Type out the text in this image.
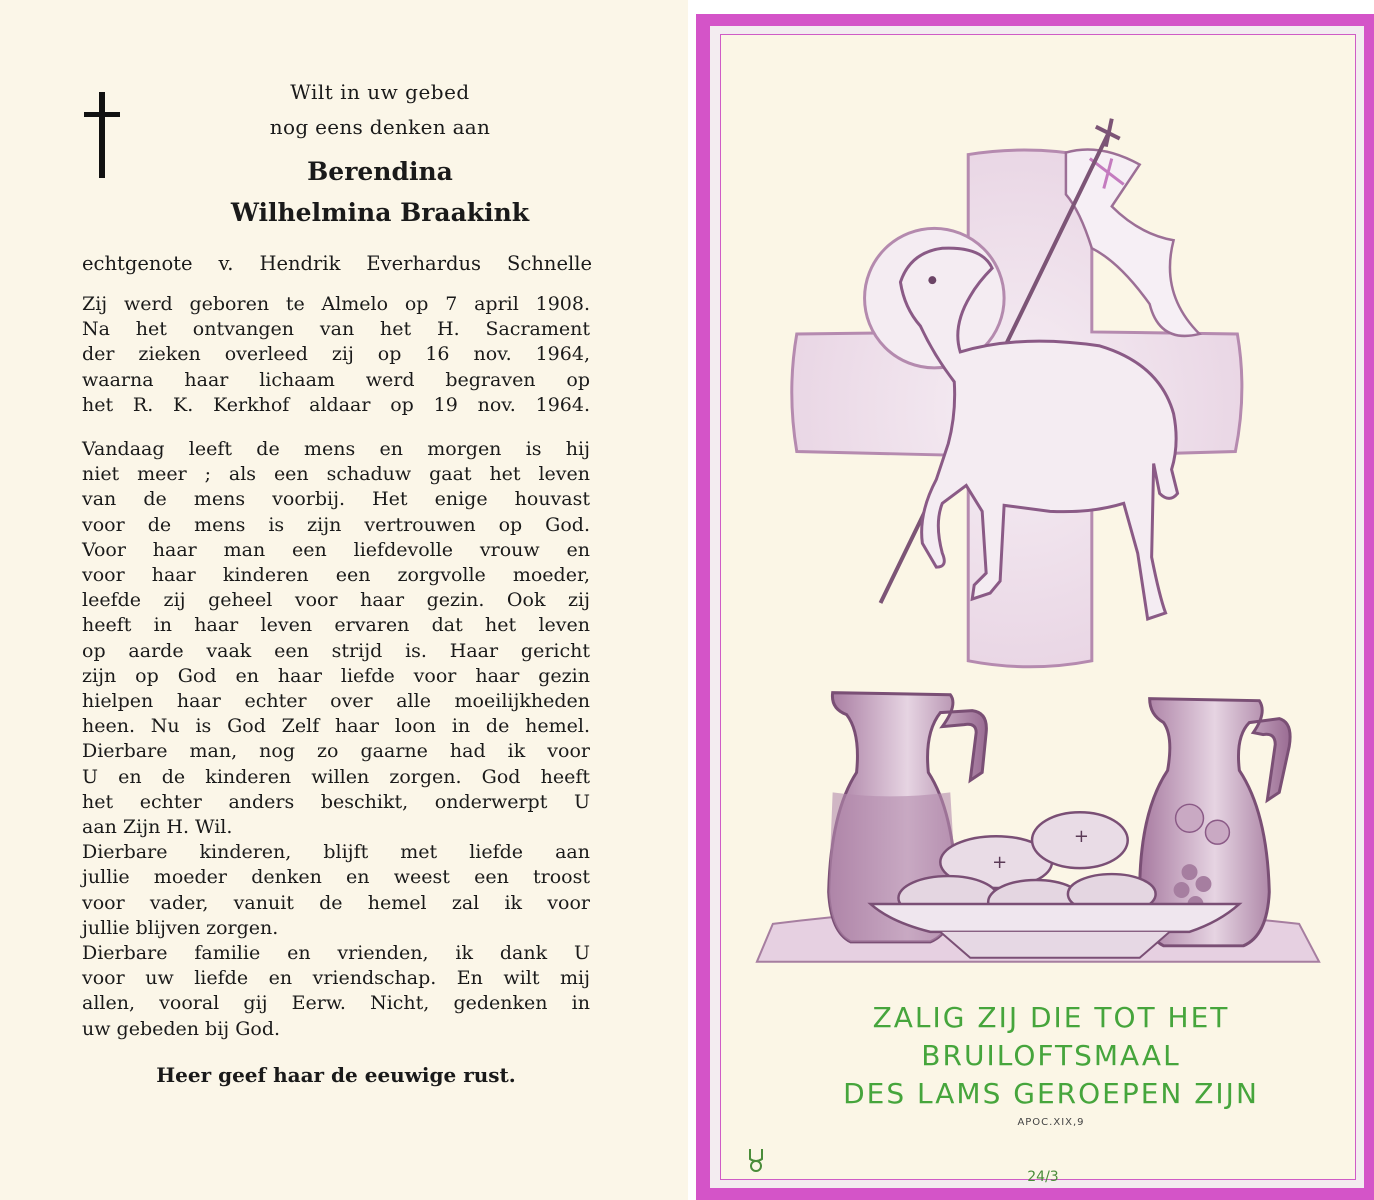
Wilt in uw gebed
nog eens denken aan
Berendina
Wilhelmina Braakink
echtgenote v. Hendrik Everhardus Schnelle
Zij werd geboren te Almelo op 7 april 1908.
Na het ontvangen van het H. Sacrament
der zieken overleed zij op 16 nov. 1964,
waarna haar lichaam werd begraven op
het R. K. Kerkhof aldaar op 19 nov. 1964.
Vandaag leeft de mens en morgen is hij
niet meer ; als een schaduw gaat het leven
van de mens voorbij. Het enige houvast
voor de mens is zijn vertrouwen op God.
Voor haar man een liefdevolle vrouw en
voor haar kinderen een zorgvolle moeder,
leefde zij geheel voor haar gezin. Ook zij
heeft in haar leven ervaren dat het leven
op aarde vaak een strijd is. Haar gericht
zijn op God en haar liefde voor haar gezin
hielpen haar echter over alle moeilijkheden
heen. Nu is God Zelf haar loon in de hemel.
Dierbare man, nog zo gaarne had ik voor
U en de kinderen willen zorgen. God heeft
het echter anders beschikt, onderwerpt U
aan Zijn H. Wil.
Dierbare kinderen, blijft met liefde aan
jullie moeder denken en weest een troost
voor vader, vanuit de hemel zal ik voor
jullie blijven zorgen.
Dierbare familie en vrienden, ik dank U
voor uw liefde en vriendschap. En wilt mij
allen, vooral gij Eerw. Nicht, gedenken in
uw gebeden bij God.
Heer geef haar de eeuwige rust.
+
+
ZALIG ZIJ DIE TOT HET
BRUILOFTSMAAL
DES LAMS GEROEPEN ZIJN
APOC.XIX,9
24/3
